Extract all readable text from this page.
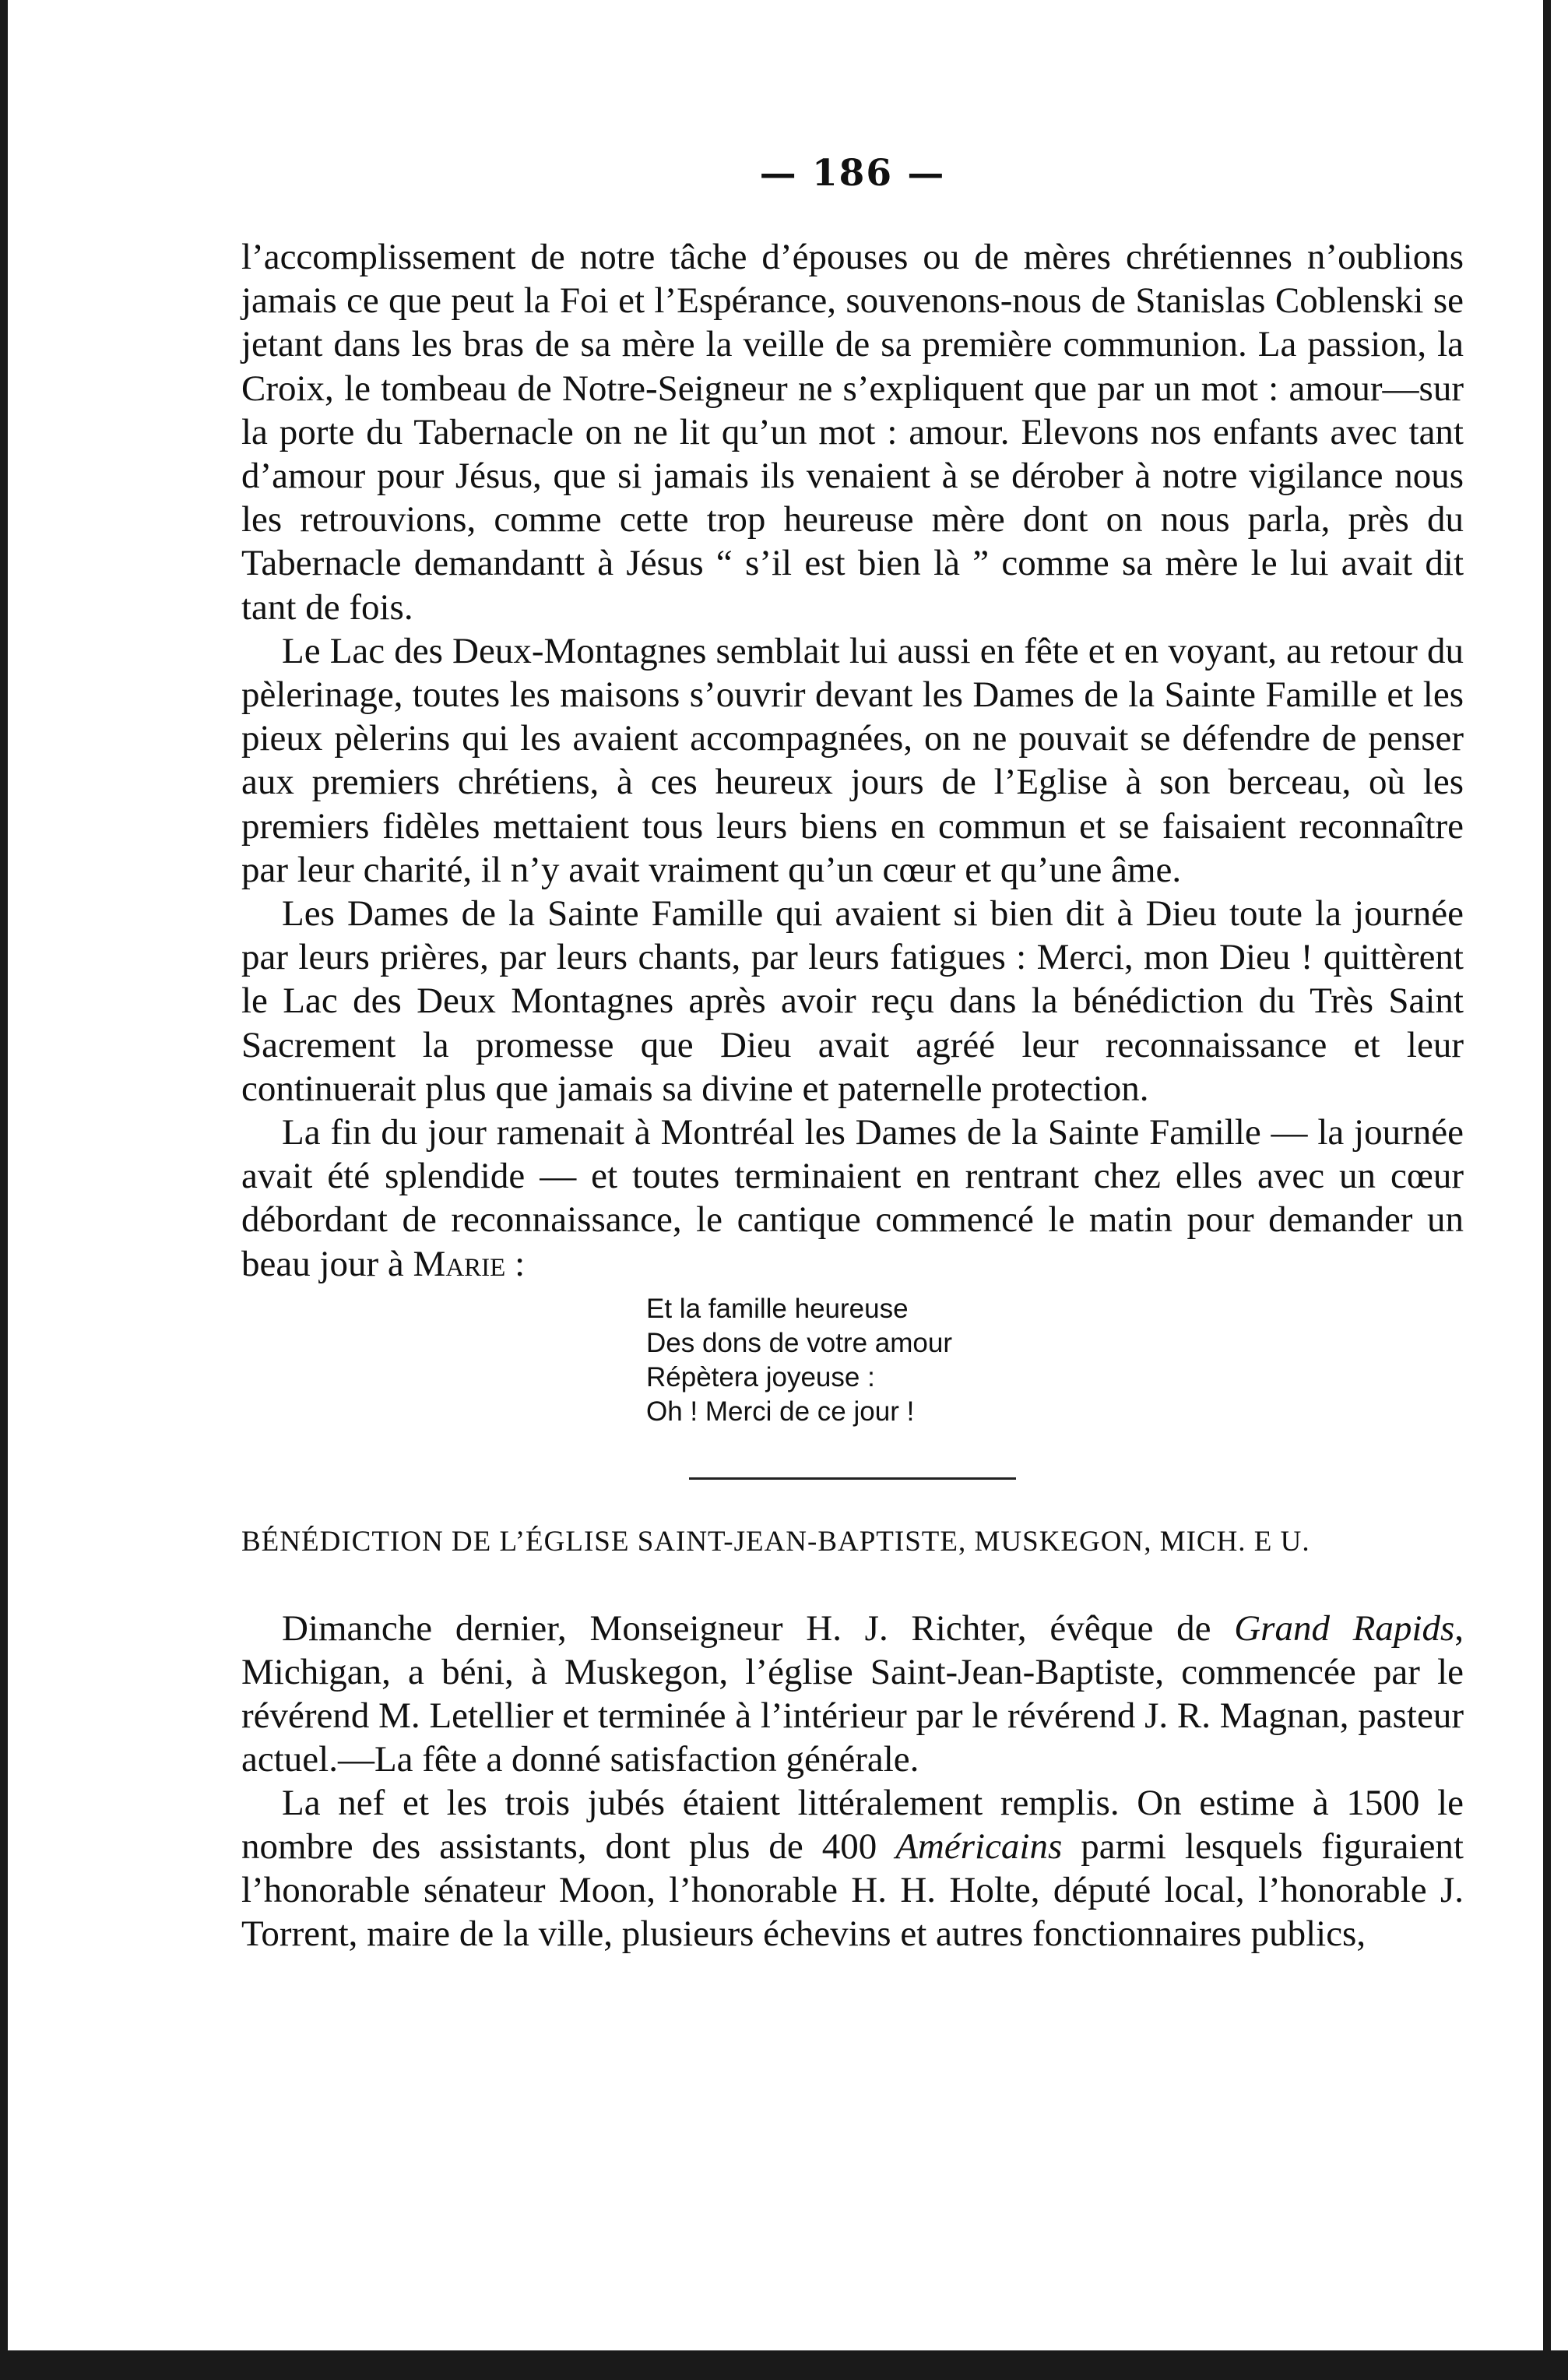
— 186 —

l’accomplissement de notre tâche d’épouses ou de mères chrétiennes n’oublions jamais ce que peut la Foi et l’Espérance, souvenons-nous de Stanislas Coblenski se jetant dans les bras de sa mère la veille de sa première communion. La passion, la Croix, le tombeau de Notre-Seigneur ne s’expliquent que par un mot : amour—sur la porte du Tabernacle on ne lit qu’un mot : amour. Elevons nos enfants avec tant d’amour pour Jésus, que si jamais ils venaient à se dérober à notre vigilance nous les retrouvions, comme cette trop heureuse mère dont on nous parla, près du Tabernacle demandantt à Jésus “ s’il est bien là ” comme sa mère le lui avait dit tant de fois.

Le Lac des Deux-Montagnes semblait lui aussi en fête et en voyant, au retour du pèlerinage, toutes les maisons s’ouvrir devant les Dames de la Sainte Famille et les pieux pèlerins qui les avaient accompagnées, on ne pouvait se défendre de penser aux premiers chrétiens, à ces heureux jours de l’Eglise à son berceau, où les premiers fidèles mettaient tous leurs biens en commun et se faisaient reconnaître par leur charité, il n’y avait vraiment qu’un cœur et qu’une âme.

Les Dames de la Sainte Famille qui avaient si bien dit à Dieu toute la journée par leurs prières, par leurs chants, par leurs fatigues : Merci, mon Dieu ! quittèrent le Lac des Deux Montagnes après avoir reçu dans la bénédiction du Très Saint Sacrement la promesse que Dieu avait agréé leur reconnaissance et leur continuerait plus que jamais sa divine et paternelle protection.

La fin du jour ramenait à Montréal les Dames de la Sainte Famille — la journée avait été splendide — et toutes terminaient en rentrant chez elles avec un cœur débordant de reconnaissance, le cantique commencé le matin pour demander un beau jour à Marie :

Et la famille heureuse
Des dons de votre amour
Répètera joyeuse :
Oh ! Merci de ce jour !
BÉNÉDICTION DE L’ÉGLISE SAINT-JEAN-BAPTISTE, MUSKEGON, MICH. E U.

Dimanche dernier, Monseigneur H. J. Richter, évêque de Grand Rapids, Michigan, a béni, à Muskegon, l’église Saint-Jean-Baptiste, commencée par le révérend M. Letellier et terminée à l’intérieur par le révérend J. R. Magnan, pasteur actuel.—La fête a donné satisfaction générale.

La nef et les trois jubés étaient littéralement remplis. On estime à 1500 le nombre des assistants, dont plus de 400 Américains parmi lesquels figuraient l’honorable sénateur Moon, l’honorable H. H. Holte, député local, l’honorable J. Torrent, maire de la ville, plusieurs échevins et autres fonctionnaires publics,
